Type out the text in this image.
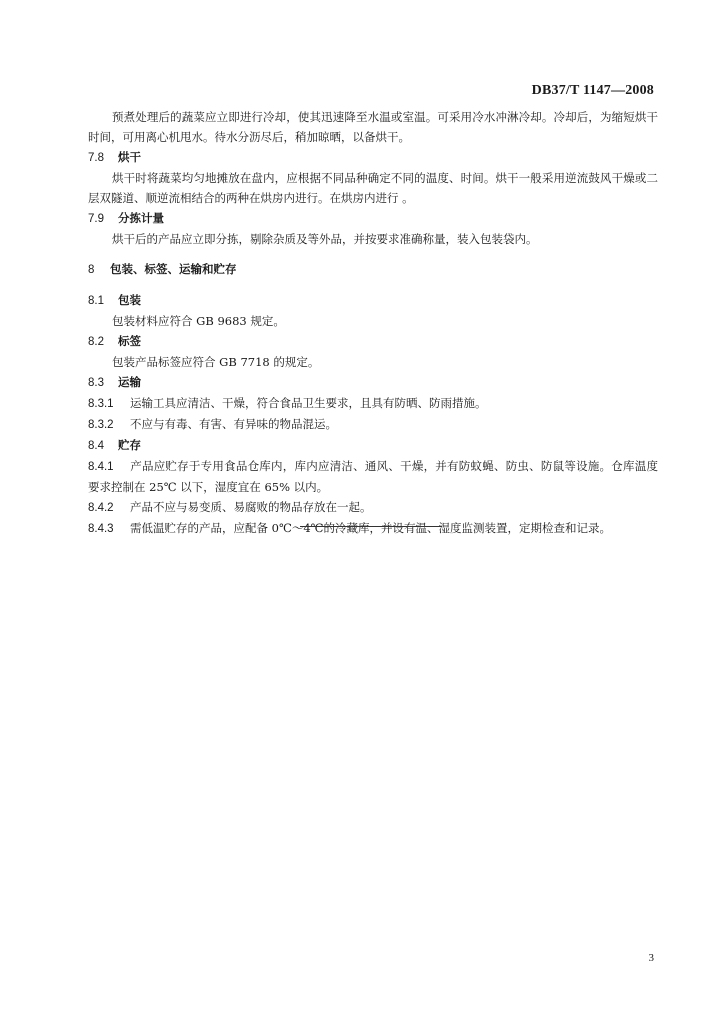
DB37/T 1147—2008

预煮处理后的蔬菜应立即进行冷却，使其迅速降至水温或室温。可采用冷水冲淋冷却。冷却后，为缩短烘干时间，可用离心机甩水。待水分沥尽后，稍加晾晒，以备烘干。

7.8 烘干

烘干时将蔬菜均匀地摊放在盘内，应根据不同品种确定不同的温度、时间。烘干一般采用逆流鼓风干燥或二层双隧道、顺逆流相结合的两种在烘房内进行。在烘房内进行 。

7.9 分拣计量

烘干后的产品应立即分拣，剔除杂质及等外品，并按要求准确称量，装入包装袋内。

8 包装、标签、运输和贮存
8.1 包装

包装材料应符合 GB 9683 规定。

8.2 标签

包装产品标签应符合 GB 7718 的规定。

8.3 运输

8.3.1 运输工具应清洁、干燥，符合食品卫生要求，且具有防晒、防雨措施。

8.3.2 不应与有毒、有害、有异味的物品混运。

8.4 贮存

8.4.1 产品应贮存于专用食品仓库内，库内应清洁、通风、干燥，并有防蚊蝇、防虫、防鼠等设施。仓库温度要求控制在 25℃ 以下，湿度宜在 65% 以内。

8.4.2 产品不应与易变质、易腐败的物品存放在一起。

8.4.3 需低温贮存的产品，应配备 0℃～4℃的冷藏库，并设有温、湿度监测装置，定期检查和记录。

3
